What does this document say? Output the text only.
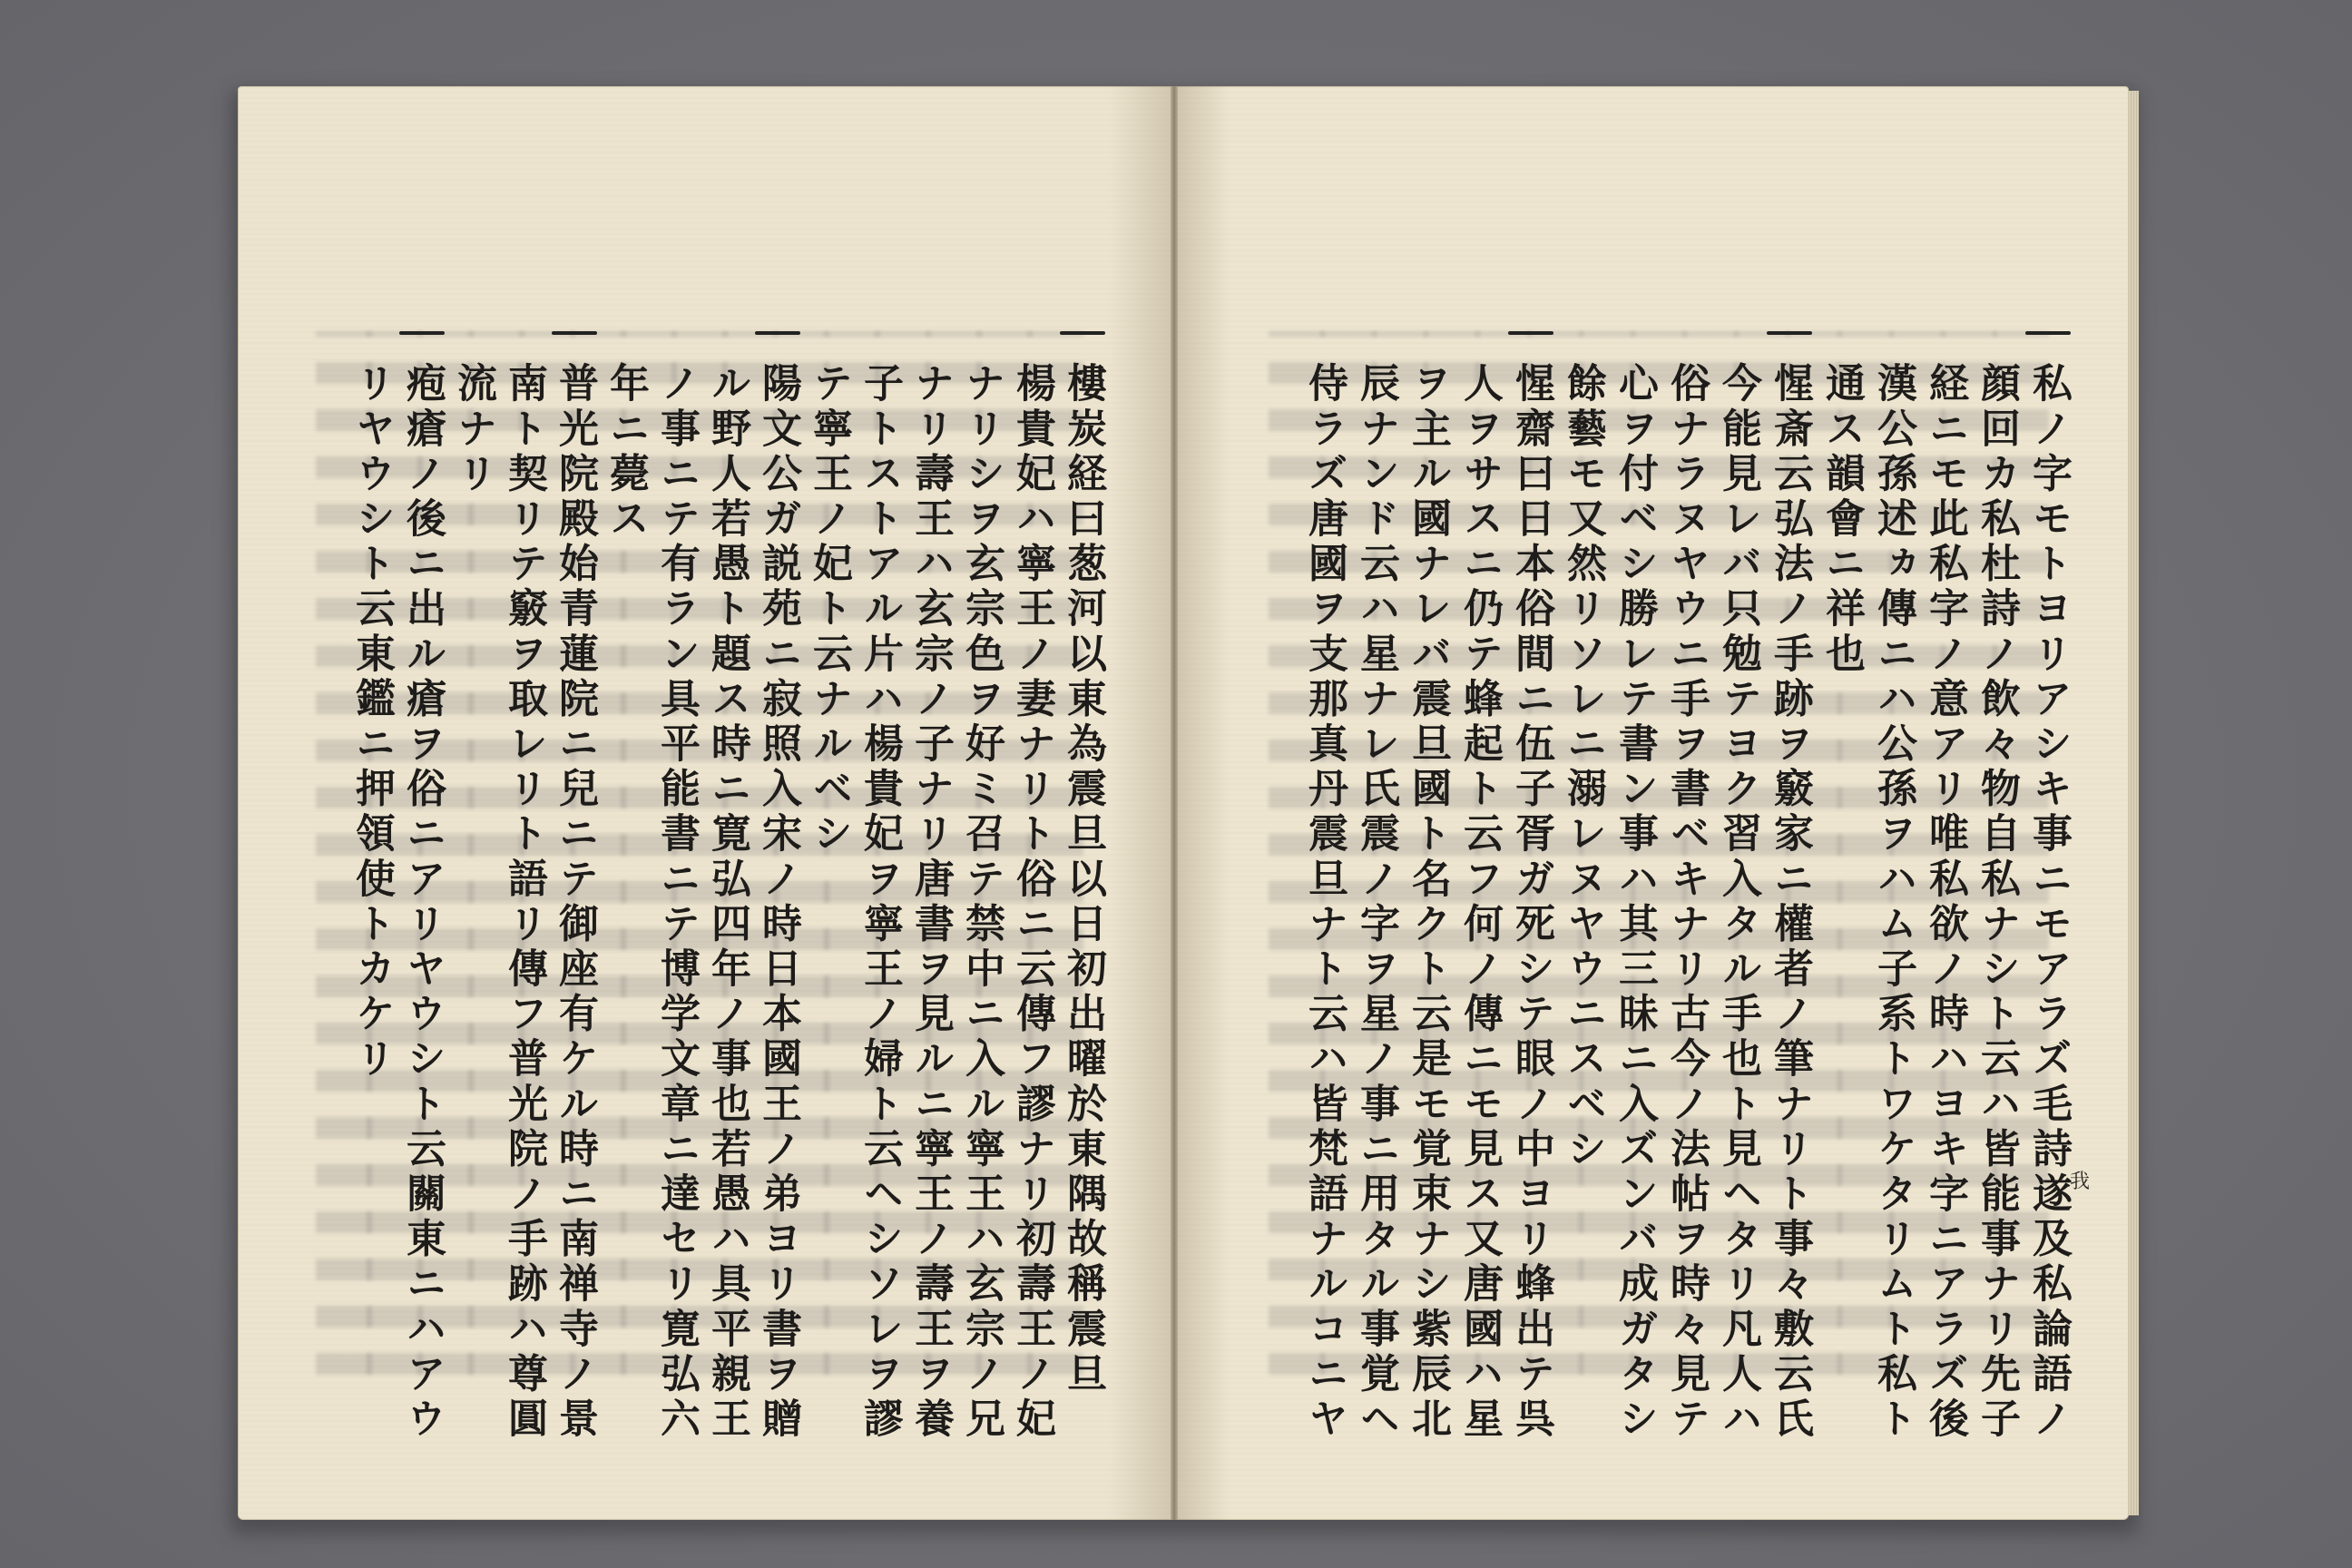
樓炭経曰葱河以東為震旦以日初出曜於東隅故稱震旦
楊貴妃ハ寧王ノ妻ナリト俗ニ云傳フ謬ナリ初壽王ノ妃
ナリシヲ玄宗色ヲ好ミ召テ禁中ニ入ル寧王ハ玄宗ノ兄
ナリ壽王ハ玄宗ノ子ナリ唐書ヲ見ルニ寧王ノ壽王ヲ養
子トストアル片ハ楊貴妃ヲ寧王ノ婦ト云ヘシソレヲ謬
テ寧王ノ妃ト云ナルベシ
陽文公ガ説苑ニ寂照入宋ノ時日本國王ノ弟ヨリ書ヲ贈
ル野人若愚ト題ス時ニ寛弘四年ノ事也若愚ハ具平親王
ノ事ニテ有ラン具平能書ニテ博学文章ニ達セリ寛弘六
年ニ薨ス
普光院殿始青蓮院ニ兒ニテ御座有ケル時ニ南禅寺ノ景
南ト契リテ竅ヲ取レリト語リ傳フ普光院ノ手跡ハ尊圓
流ナリ
疱瘡ノ後ニ出ル瘡ヲ俗ニアリヤウシト云關東ニハアウ
リヤウシト云東鑑ニ押領使トカケリ	私ノ字モトヨリアシキ事ニモアラズ毛詩遂及私論語ノ
顔回カ私杜詩ノ飲々物自私ナシト云ハ皆能事ナリ先子
経ニモ此私字ノ意アリ唯私欲ノ時ハヨキ字ニアラズ後
漢公孫述ヵ傳ニハ公孫ヲハム子系トワケタリムト私ト
通ス韻會ニ祥也
惺斎云弘法ノ手跡ヲ竅家ニ權者ノ筆ナリト事々敷云氏
今能見レバ只勉テヨク習入タル手也ト見ヘタリ凡人ハ
俗ナラヌヤウニ手ヲ書ベキナリ古今ノ法帖ヲ時々見テ
心ヲ付ベシ勝レテ書ン事ハ其三昧ニ入ズンバ成ガタシ
餘藝モ又然リソレニ溺レヌヤウニスベシ
惺齋曰日本俗間ニ伍子胥ガ死シテ眼ノ中ヨリ蜂出テ呉
人ヲサスニ仍テ蜂起ト云フ何ノ傳ニモ見ス又唐國ハ星
ヲ主ル國ナレバ震旦國ト名クト云是モ覚束ナシ紫辰北
辰ナンド云ハ星ナレ氏震ノ字ヲ星ノ事ニ用タル事覚ヘ
侍ラズ唐國ヲ支那真丹震旦ナト云ハ皆梵語ナルコニヤ	我
